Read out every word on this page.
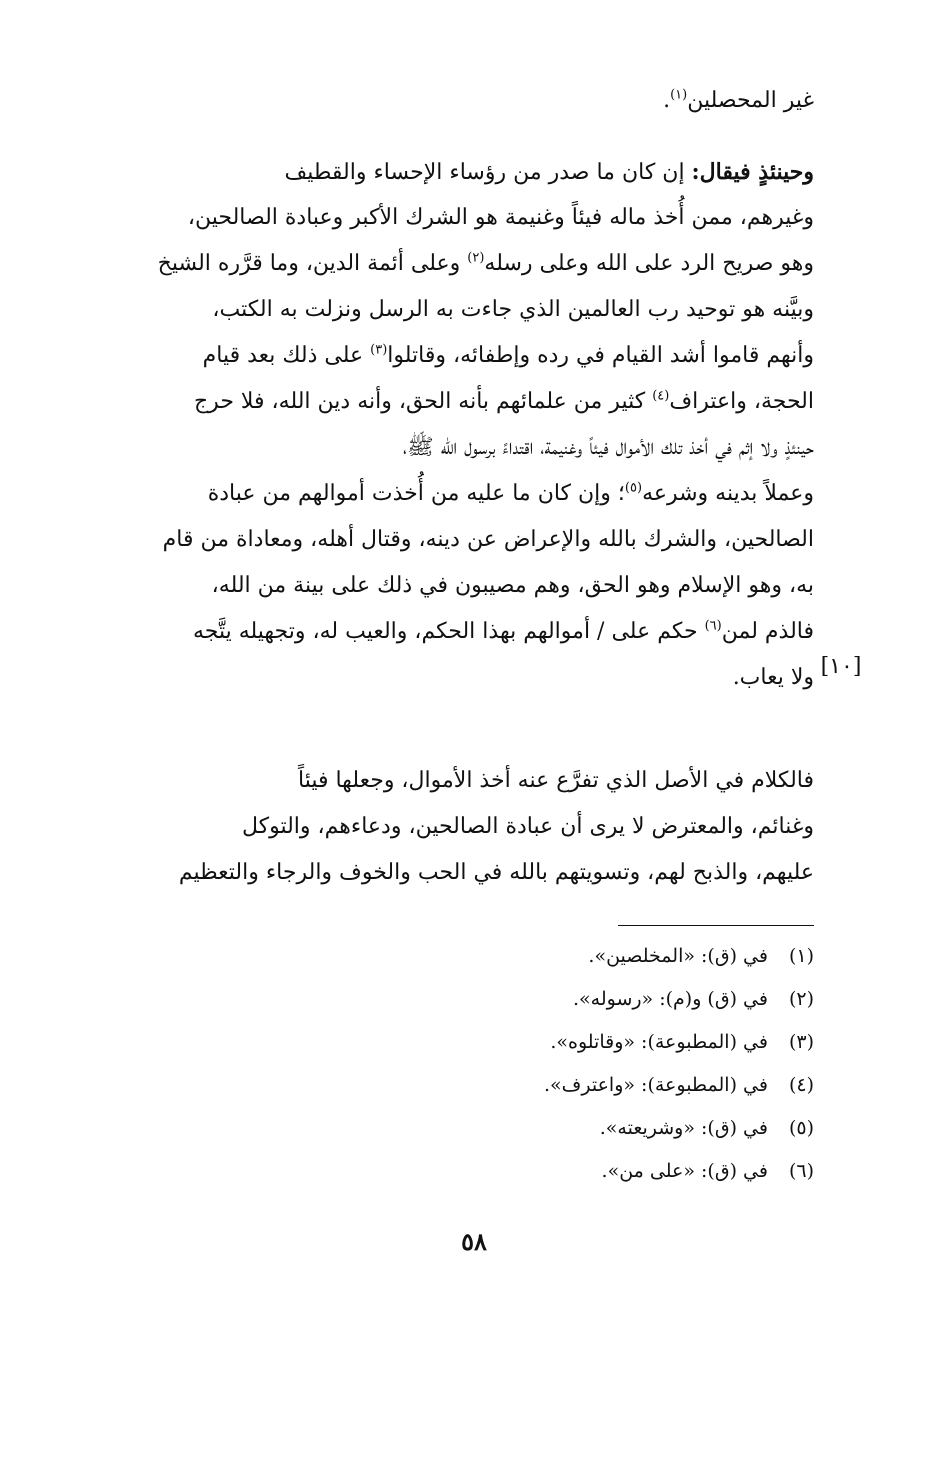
غير المحصلين$^{(١)}$.
وحينئذٍ فيقال: إن كان ما صدر من رؤساء الإحساء والقطيف
وغيرهم، ممن أُخذ ماله فيئاً وغنيمة هو الشرك الأكبر وعبادة الصالحين،
وهو صريح الرد على الله وعلى رسله$^{(٢)}$ وعلى أئمة الدين، وما قرَّره الشيخ
وبيَّنه هو توحيد رب العالمين الذي جاءت به الرسل ونزلت به الكتب،
وأنهم قاموا أشد القيام في رده وإطفائه، وقاتلوا$^{(٣)}$ على ذلك بعد قيام
الحجة، واعتراف$^{(٤)}$ كثير من علمائهم بأنه الحق، وأنه دين الله، فلا حرج
حينئذٍ ولا إثم في أخذ تلك الأموال فيئاً وغنيمة، اقتداءً برسول الله ﷺ،
وعملاً بدينه وشرعه$^{(٥)}$؛ وإن كان ما عليه من أُخذت أموالهم من عبادة
الصالحين، والشرك بالله والإعراض عن دينه، وقتال أهله، ومعاداة من قام
به، وهو الإسلام وهو الحق، وهم مصيبون في ذلك على بينة من الله،
فالذم لمن$^{(٦)}$ حكم على / أموالهم بهذا الحكم، والعيب له، وتجهيله يتَّجه
ولا يعاب. [١٠]
فالكلام في الأصل الذي تفرَّع عنه أخذ الأموال، وجعلها فيئاً
وغنائم، والمعترض لا يرى أن عبادة الصالحين، ودعاءهم، والتوكل
عليهم، والذبح لهم، وتسويتهم بالله في الحب والخوف والرجاء والتعظيم
(١) في (ق): «المخلصين».
(٢) في (ق) و(م): «رسوله».
(٣) في (المطبوعة): «وقاتلوه».
(٤) في (المطبوعة): «واعترف».
(٥) في (ق): «وشريعته».
(٦) في (ق): «على من».
٥٨
